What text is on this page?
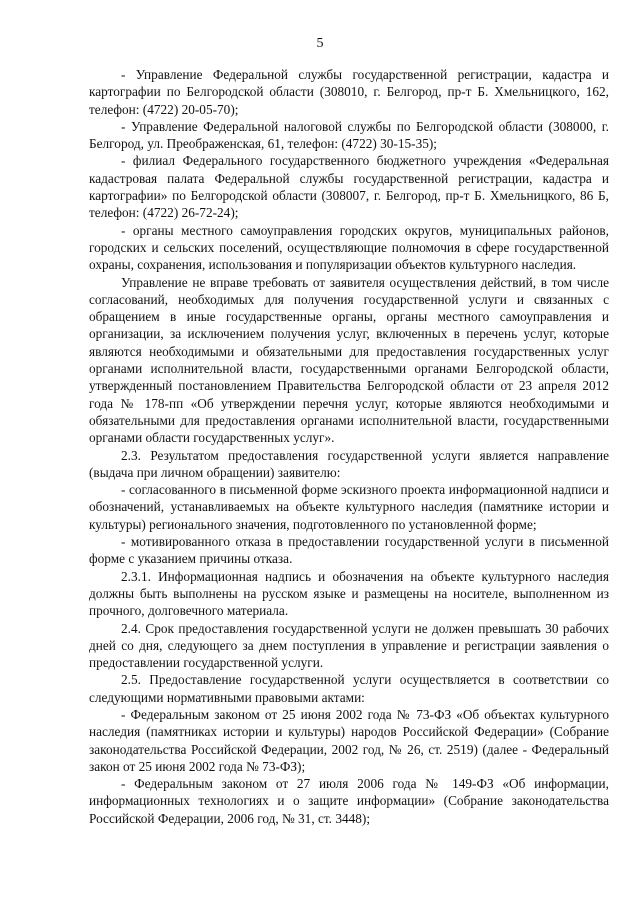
5

- Управление Федеральной службы государственной регистрации, кадастра и картографии по Белгородской области (308010, г. Белгород, пр-т Б. Хмельницкого, 162, телефон: (4722) 20-05-70);

- Управление Федеральной налоговой службы по Белгородской области (308000, г. Белгород, ул. Преображенская, 61, телефон: (4722) 30-15-35);

- филиал Федерального государственного бюджетного учреждения «Федеральная кадастровая палата Федеральной службы государственной регистрации, кадастра и картографии» по Белгородской области (308007, г. Белгород, пр-т Б. Хмельницкого, 86 Б, телефон: (4722) 26-72-24);

- органы местного самоуправления городских округов, муниципальных районов, городских и сельских поселений, осуществляющие полномочия в сфере государственной охраны, сохранения, использования и популяризации объектов культурного наследия.

Управление не вправе требовать от заявителя осуществления действий, в том числе согласований, необходимых для получения государственной услуги и связанных с обращением в иные государственные органы, органы местного самоуправления и организации, за исключением получения услуг, включенных в перечень услуг, которые являются необходимыми и обязательными для предоставления государственных услуг органами исполнительной власти, государственными органами Белгородской области, утвержденный постановлением Правительства Белгородской области от 23 апреля 2012 года № 178-пп «Об утверждении перечня услуг, которые являются необходимыми и обязательными для предоставления органами исполнительной власти, государственными органами области государственных услуг».

2.3. Результатом предоставления государственной услуги является направление (выдача при личном обращении) заявителю:

- согласованного в письменной форме эскизного проекта информационной надписи и обозначений, устанавливаемых на объекте культурного наследия (памятнике истории и культуры) регионального значения, подготовленного по установленной форме;

- мотивированного отказа в предоставлении государственной услуги в письменной форме с указанием причины отказа.

2.3.1. Информационная надпись и обозначения на объекте культурного наследия должны быть выполнены на русском языке и размещены на носителе, выполненном из прочного, долговечного материала.

2.4. Срок предоставления государственной услуги не должен превышать 30 рабочих дней со дня, следующего за днем поступления в управление и регистрации заявления о предоставлении государственной услуги.

2.5. Предоставление государственной услуги осуществляется в соответствии со следующими нормативными правовыми актами:

- Федеральным законом от 25 июня 2002 года № 73-ФЗ «Об объектах культурного наследия (памятниках истории и культуры) народов Российской Федерации» (Собрание законодательства Российской Федерации, 2002 год, № 26, ст. 2519) (далее - Федеральный закон от 25 июня 2002 года № 73-ФЗ);

- Федеральным законом от 27 июля 2006 года № 149-ФЗ «Об информации, информационных технологиях и о защите информации» (Собрание законодательства Российской Федерации, 2006 год, № 31, ст. 3448);
